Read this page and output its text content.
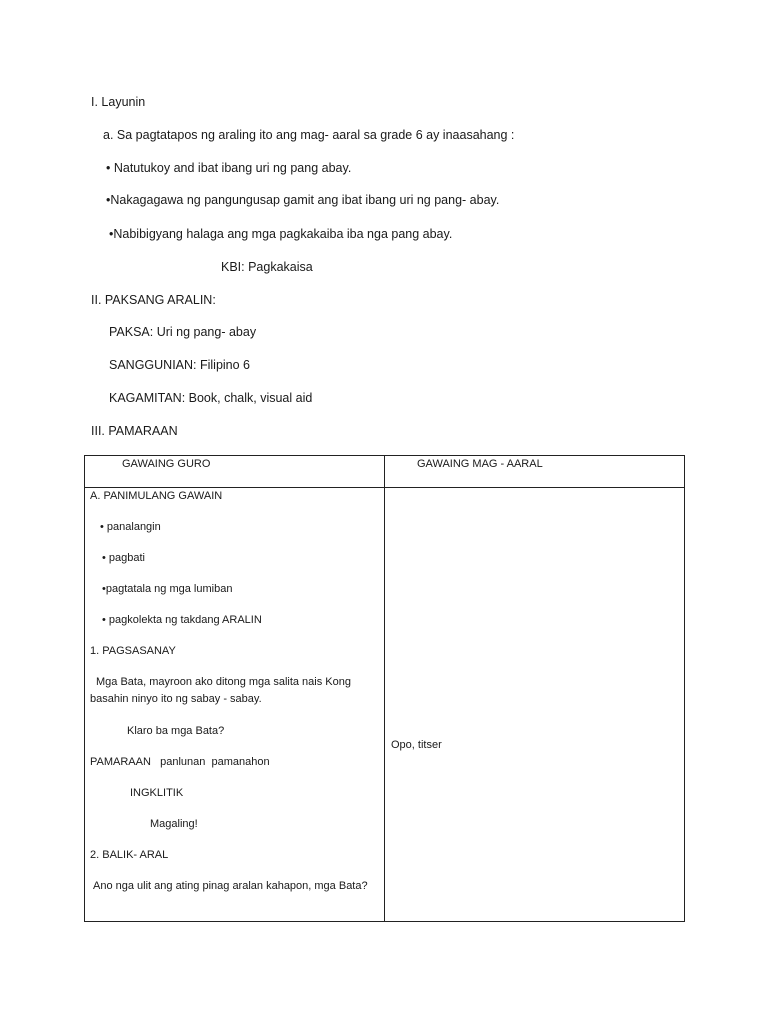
I. Layunin
a. Sa pagtatapos ng araling ito ang mag- aaral sa grade 6 ay inaasahang :
• Natutukoy and ibat ibang uri ng pang abay.
•Nakagagawa ng pangungusap gamit ang ibat ibang uri ng pang- abay.
•Nabibigyang halaga ang mga pagkakaiba iba nga pang abay.
KBI: Pagkakaisa
II. PAKSANG ARALIN:
PAKSA: Uri ng pang- abay
SANGGUNIAN: Filipino 6
KAGAMITAN: Book, chalk, visual aid
III. PAMARAAN
GAWAING GURO	GAWAING MAG - AARAL
A. PANIMULANG GAWAIN
• panalangin
• pagbati
•pagtatala ng mga lumiban
• pagkolekta ng takdang ARALIN
1. PAGSASANAY
Mga Bata, mayroon ako ditong mga salita nais Kong basahin ninyo ito ng sabay - sabay.
Klaro ba mga Bata?
PAMARAAN   panlunan  pamanahon
INGKLITIK
Magaling!
2. BALIK- ARAL
Ano nga ulit ang ating pinag aralan kahapon, mga Bata?
Opo, titser
